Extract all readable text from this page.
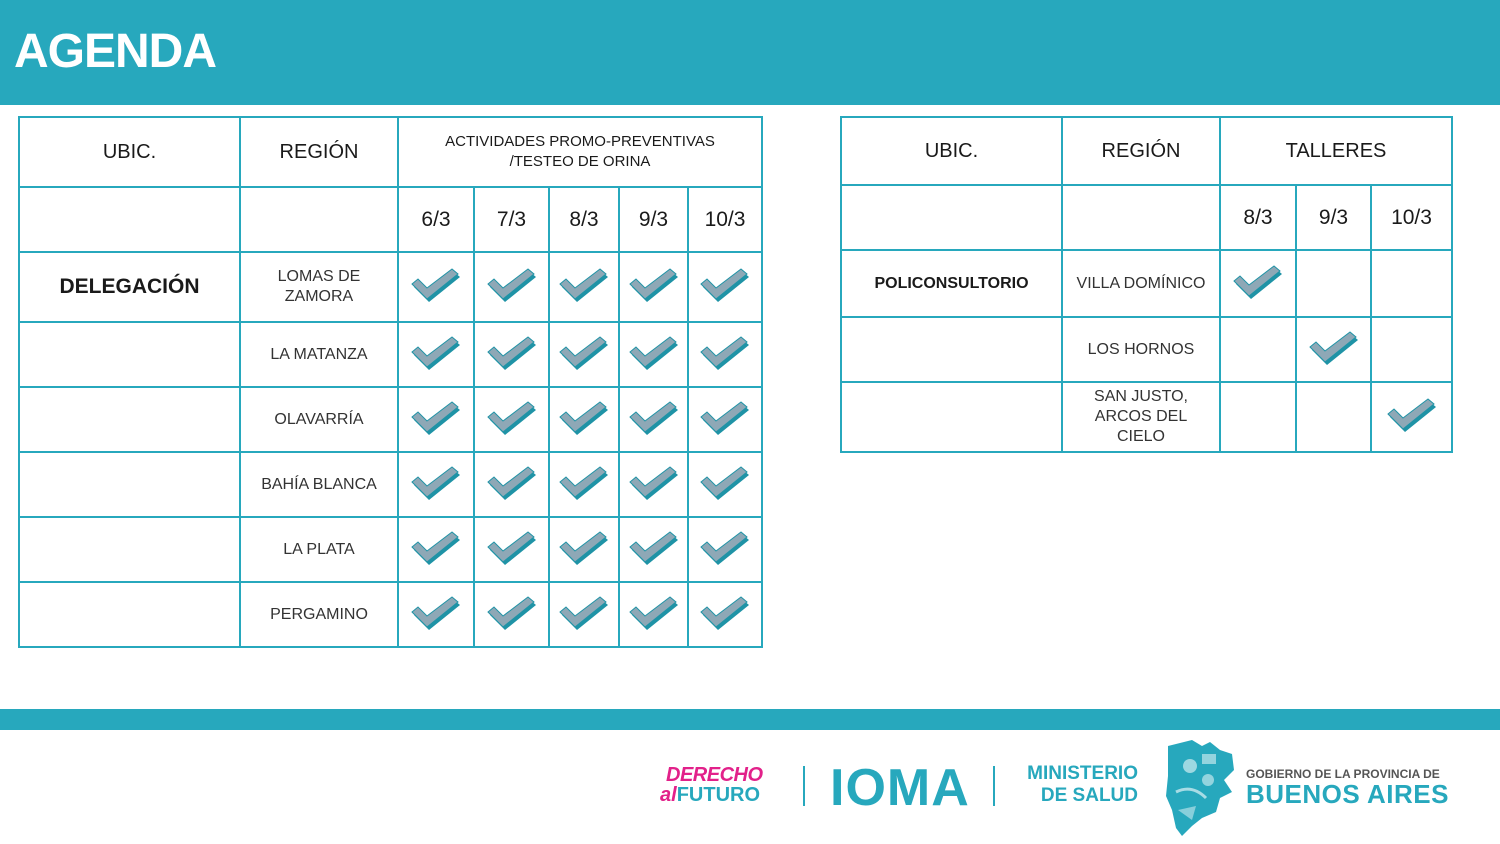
AGENDA
UBIC.	REGIÓN	ACTIVIDADES PROMO-PREVENTIVAS /TESTEO DE ORINA				
		6/3	7/3	8/3	9/3	10/3
DELEGACIÓN	LOMAS DE ZAMORA	

	LA MATANZA	

	OLAVARRÍA	

	BAHÍA BLANCA	

	LA PLATA	

	PERGAMINO	

UBIC.	REGIÓN	TALLERES		
		8/3	9/3	10/3
POLICONSULTORIO	VILLA DOMÍNICO	

	LOS HORNOS		

	SAN JUSTO, ARCOS DEL CIELO			
DERECHO
alFUTURO IOMA	MINISTERIO
DE SALUD
GOBIERNO DE LA PROVINCIA DE
BUENOS AIRES
